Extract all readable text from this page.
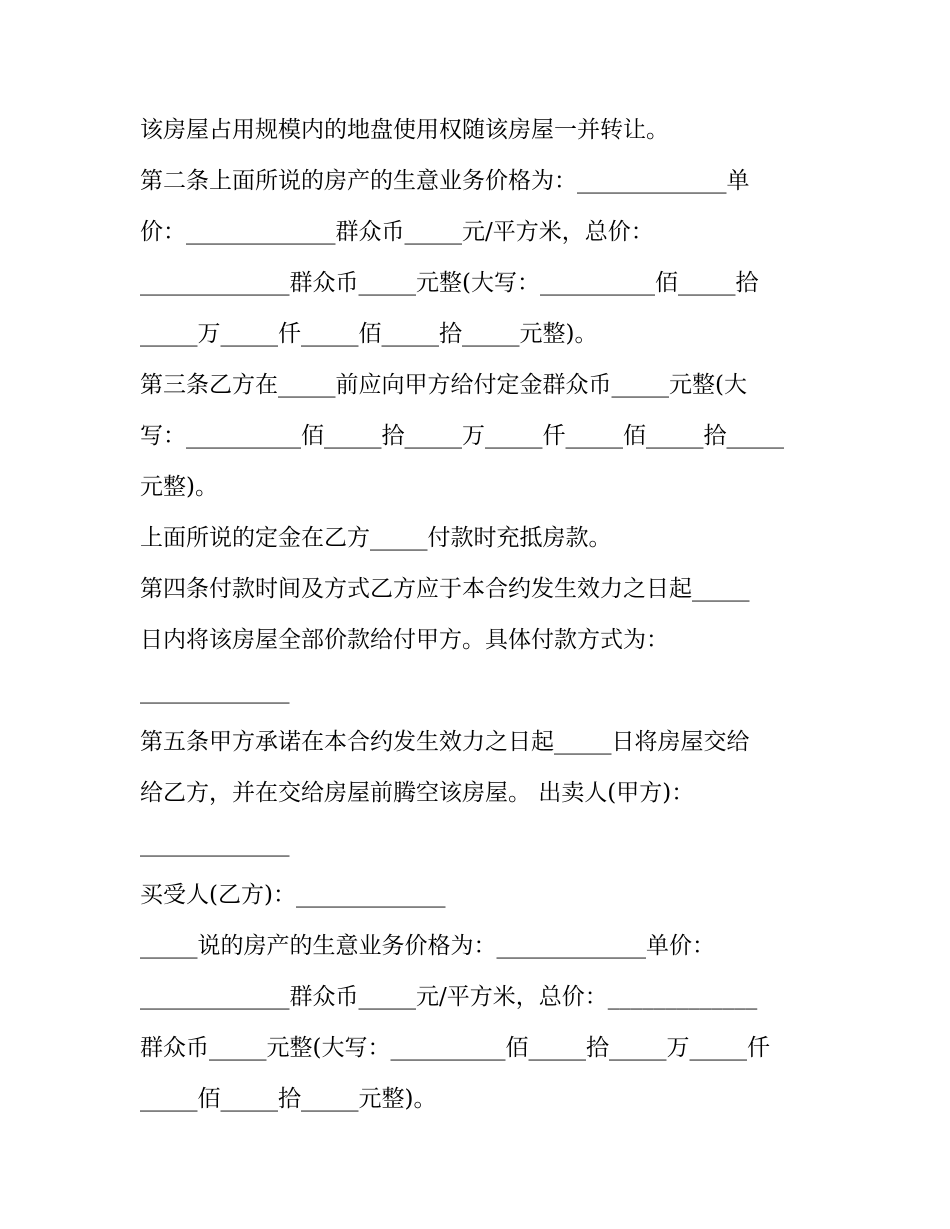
该房屋占用规模内的地盘使用权随该房屋一并转让。
第二条上面所说的房产的生意业务价格为：_____________单
价：_____________群众币_____元/平方米，总价：
_____________群众币_____元整(大写：__________佰_____拾
_____万_____仟_____佰_____拾_____元整)。
第三条乙方在_____前应向甲方给付定金群众币_____元整(大
写：__________佰_____拾_____万_____仟_____佰_____拾_____
元整)。
上面所说的定金在乙方_____付款时充抵房款。
第四条付款时间及方式乙方应于本合约发生效力之日起_____
日内将该房屋全部价款给付甲方。具体付款方式为：
_____________
第五条甲方承诺在本合约发生效力之日起_____日将房屋交给
给乙方，并在交给房屋前腾空该房屋。 出卖人(甲方)：
_____________
买受人(乙方)：_____________
_____说的房产的生意业务价格为：_____________单价：
_____________群众币_____元/平方米，总价：_____________
群众币_____元整(大写：__________佰_____拾_____万_____仟
_____佰_____拾_____元整)。
